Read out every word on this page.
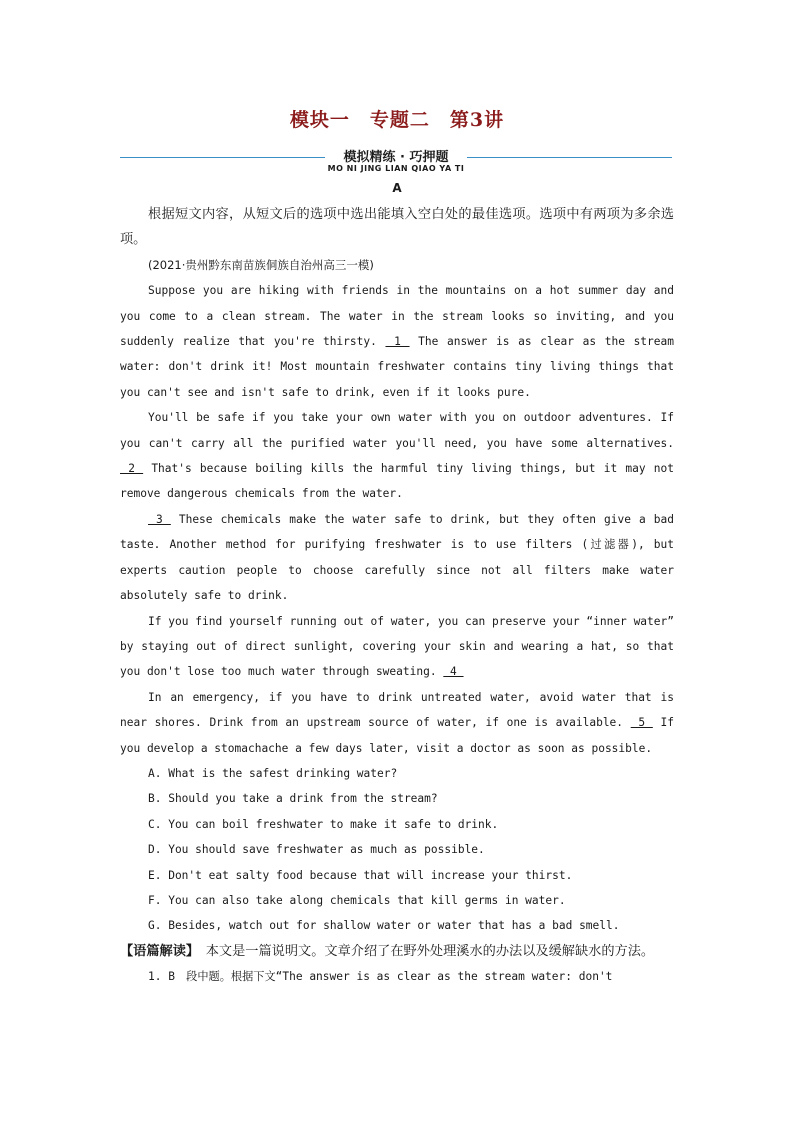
模块一　专题二　第3讲
模拟精练 · 巧押题
MO NI JING LIAN QIAO YA TI
A

根据短文内容，从短文后的选项中选出能填入空白处的最佳选项。选项中有两项为多余选项。

(2021·贵州黔东南苗族侗族自治州高三一模)

Suppose you are hiking with friends in the mountains on a hot summer day and you come to a clean stream. The water in the stream looks so inviting, and you suddenly realize that you're thirsty.  1  The answer is as clear as the stream water: don't drink it! Most mountain freshwater contains tiny living things that you can't see and isn't safe to drink, even if it looks pure.

You'll be safe if you take your own water with you on outdoor adventures. If you can't carry all the purified water you'll need, you have some alternatives.  2  That's because boiling kills the harmful tiny living things, but it may not remove dangerous chemicals from the water.

3  These chemicals make the water safe to drink, but they often give a bad taste. Another method for purifying freshwater is to use filters (过滤器), but experts caution people to choose carefully since not all filters make water absolutely safe to drink.

If you find yourself running out of water, you can preserve your “inner water” by staying out of direct sunlight, covering your skin and wearing a hat, so that you don't lose too much water through sweating.  4

In an emergency, if you have to drink untreated water, avoid water that is near shores. Drink from an upstream source of water, if one is available.  5  If you develop a stomachache a few days later, visit a doctor as soon as possible.

A. What is the safest drinking water?

B. Should you take a drink from the stream?

C. You can boil freshwater to make it safe to drink.

D. You should save freshwater as much as possible.

E. Don't eat salty food because that will increase your thirst.

F. You can also take along chemicals that kill germs in water.

G. Besides, watch out for shallow water or water that has a bad smell.

【语篇解读】　本文是一篇说明文。文章介绍了在野外处理溪水的办法以及缓解缺水的方法。

1. B　段中题。根据下文“The answer is as clear as the stream water: don't
